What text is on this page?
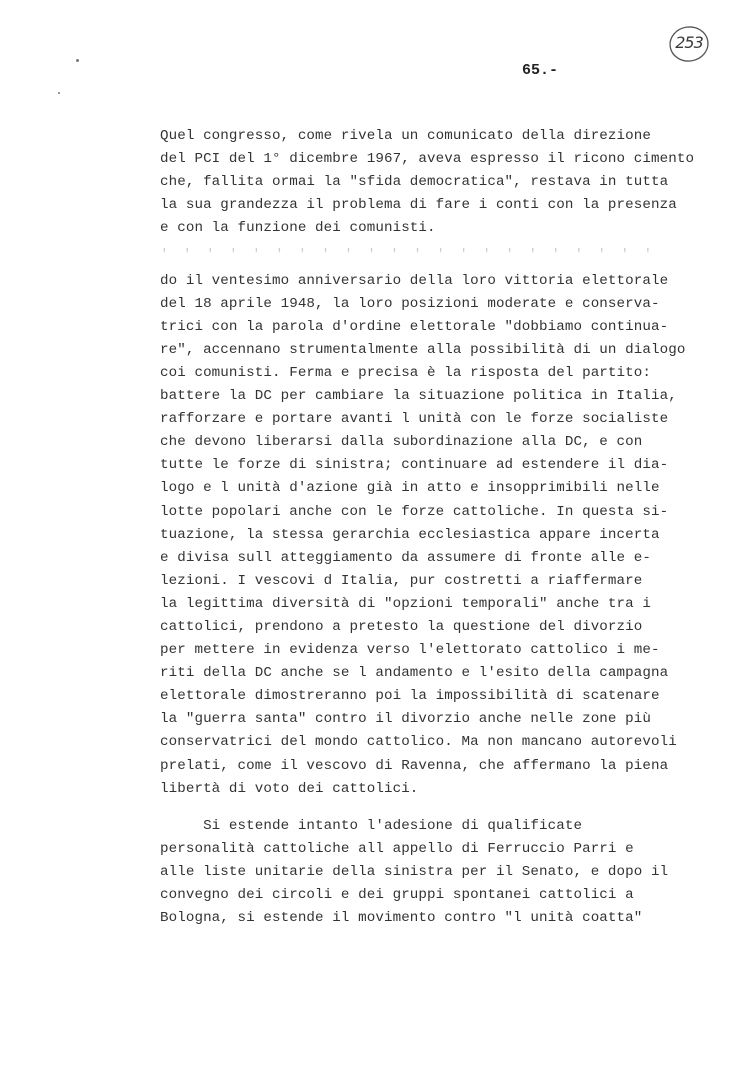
253
65.-
Quel congresso, come rivela un comunicato della direzione
del PCI del 1° dicembre 1967, aveva espresso il ricono cimento
che, fallita ormai la "sfida democratica", restava in tutta
la sua grandezza il problema di fare i conti con la presenza
e con la funzione dei comunisti.
' ' ' ' ' ' ' ' ' ' ' ' ' ' ' ' ' ' ' ' ' '
do il ventesimo anniversario della loro vittoria elettorale
del 18 aprile 1948, la loro posizioni moderate e conserva-
trici con la parola d'ordine elettorale "dobbiamo continua-
re", accennano strumentalmente alla possibilità di un dialogo
coi comunisti. Ferma e precisa è la risposta del partito:
battere la DC per cambiare la situazione politica in Italia,
rafforzare e portare avanti l unità con le forze socialiste
che devono liberarsi dalla subordinazione alla DC, e con
tutte le forze di sinistra; continuare ad estendere il dia-
logo e l unità d'azione già in atto e insopprimibili nelle
lotte popolari anche con le forze cattoliche. In questa si-
tuazione, la stessa gerarchia ecclesiastica appare incerta
e divisa sull atteggiamento da assumere di fronte alle e-
lezioni. I vescovi d Italia, pur costretti a riaffermare
la legittima diversità di "opzioni temporali" anche tra i
cattolici, prendono a pretesto la questione del divorzio
per mettere in evidenza verso l'elettorato cattolico i me-
riti della DC anche se l andamento e l'esito della campagna
elettorale dimostreranno poi la impossibilità di scatenare
la "guerra santa" contro il divorzio anche nelle zone più
conservatrici del mondo cattolico. Ma non mancano autorevoli
prelati, come il vescovo di Ravenna, che affermano la piena
libertà di voto dei cattolici.
Si estende intanto l'adesione di qualificate
personalità cattoliche all appello di Ferruccio Parri e
alle liste unitarie della sinistra per il Senato, e dopo il
convegno dei circoli e dei gruppi spontanei cattolici a
Bologna, si estende il movimento contro "l unità coatta"
